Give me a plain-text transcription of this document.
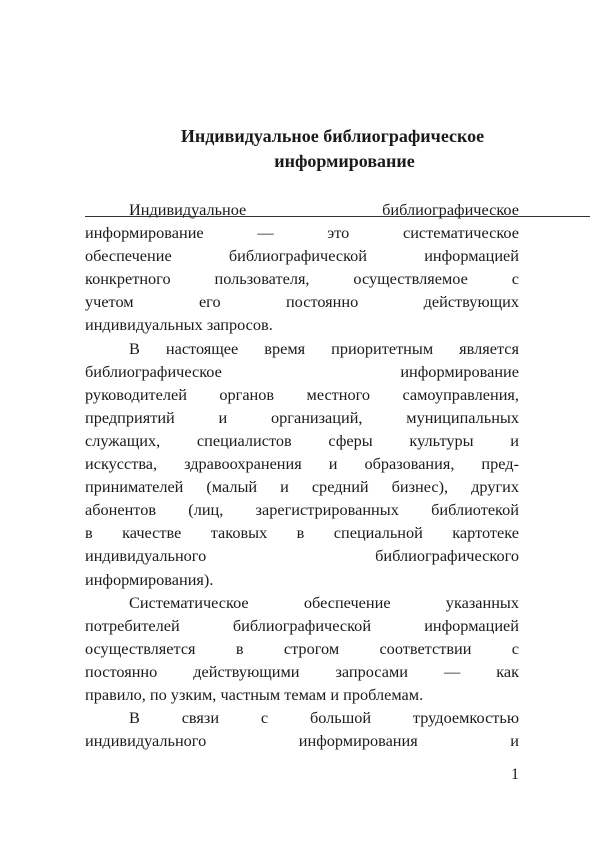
Индивидуальное библиографическое
информирование
Индивидуальное библиографическое
информирование — это систематическое
обеспечение библиографической информацией
конкретного пользователя, осуществляемое с
учетом его постоянно действующих
индивидуальных запросов.
В настоящее время приоритетным является
библиографическое информирование
руководителей органов местного самоуправления,
предприятий и организаций, муниципальных
служащих, специалистов сферы культуры и
искусства, здравоохранения и образования, пред-
принимателей (малый и средний бизнес), других
абонентов (лиц, зарегистрированных библиотекой
в качестве таковых в специальной картотеке
индивидуального библиографического
информирования).
Систематическое обеспечение указанных
потребителей библиографической информацией
осуществляется в строгом соответствии с
постоянно действующими запросами — как
правило, по узким, частным темам и проблемам.
В связи с большой трудоемкостью
индивидуального информирования и
1
